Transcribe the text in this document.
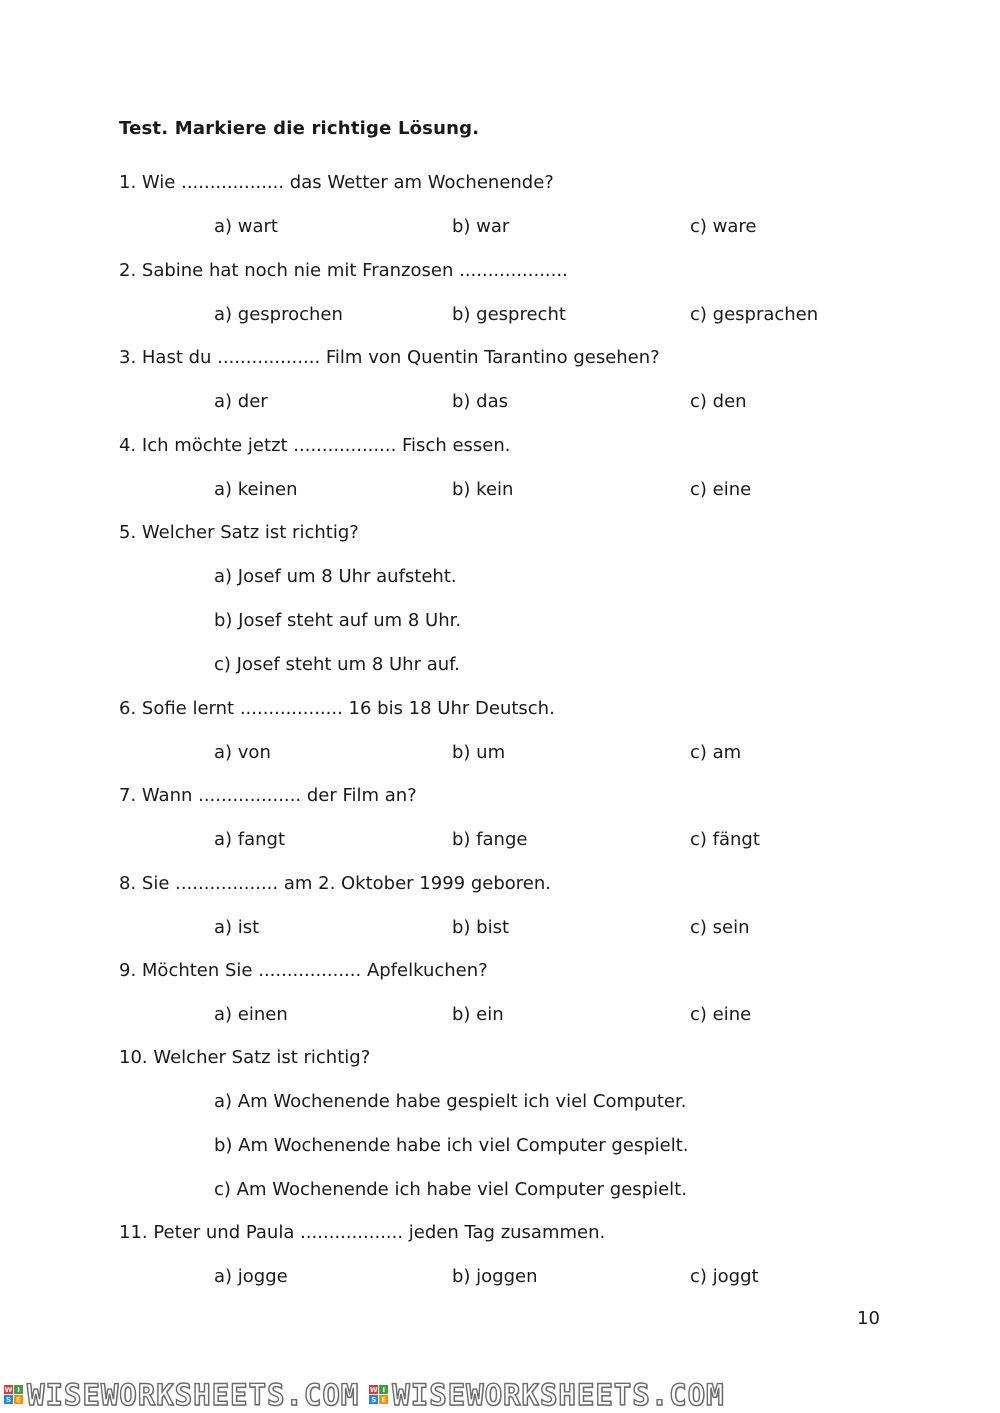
Test. Markiere die richtige Lösung.
1. Wie .................. das Wetter am Wochenende?
a) wart	b) war	c) ware
2. Sabine hat noch nie mit Franzosen ...................
a) gesprochen	b) gesprecht	c) gesprachen
3. Hast du .................. Film von Quentin Tarantino gesehen?
a) der	b) das	c) den
4. Ich möchte jetzt .................. Fisch essen.
a) keinen	b) kein	c) eine
5. Welcher Satz ist richtig?
a) Josef um 8 Uhr aufsteht.
b) Josef steht auf um 8 Uhr.
c) Josef steht um 8 Uhr auf.
6. Sofie lernt .................. 16 bis 18 Uhr Deutsch.
a) von	b) um	c) am
7. Wann .................. der Film an?
a) fangt	b) fange	c) fängt
8. Sie .................. am 2. Oktober 1999 geboren.
a) ist	b) bist	c) sein
9. Möchten Sie .................. Apfelkuchen?
a) einen	b) ein	c) eine
10. Welcher Satz ist richtig?
a) Am Wochenende habe gespielt ich viel Computer.
b) Am Wochenende habe ich viel Computer gespielt.
c) Am Wochenende ich habe viel Computer gespielt.
11. Peter und Paula .................. jeden Tag zusammen.
a) jogge	b) joggen	c) joggt
10
W I
S E WISEWORKSHEETS.COM W I
S E WISEWORKSHEETS.COM
